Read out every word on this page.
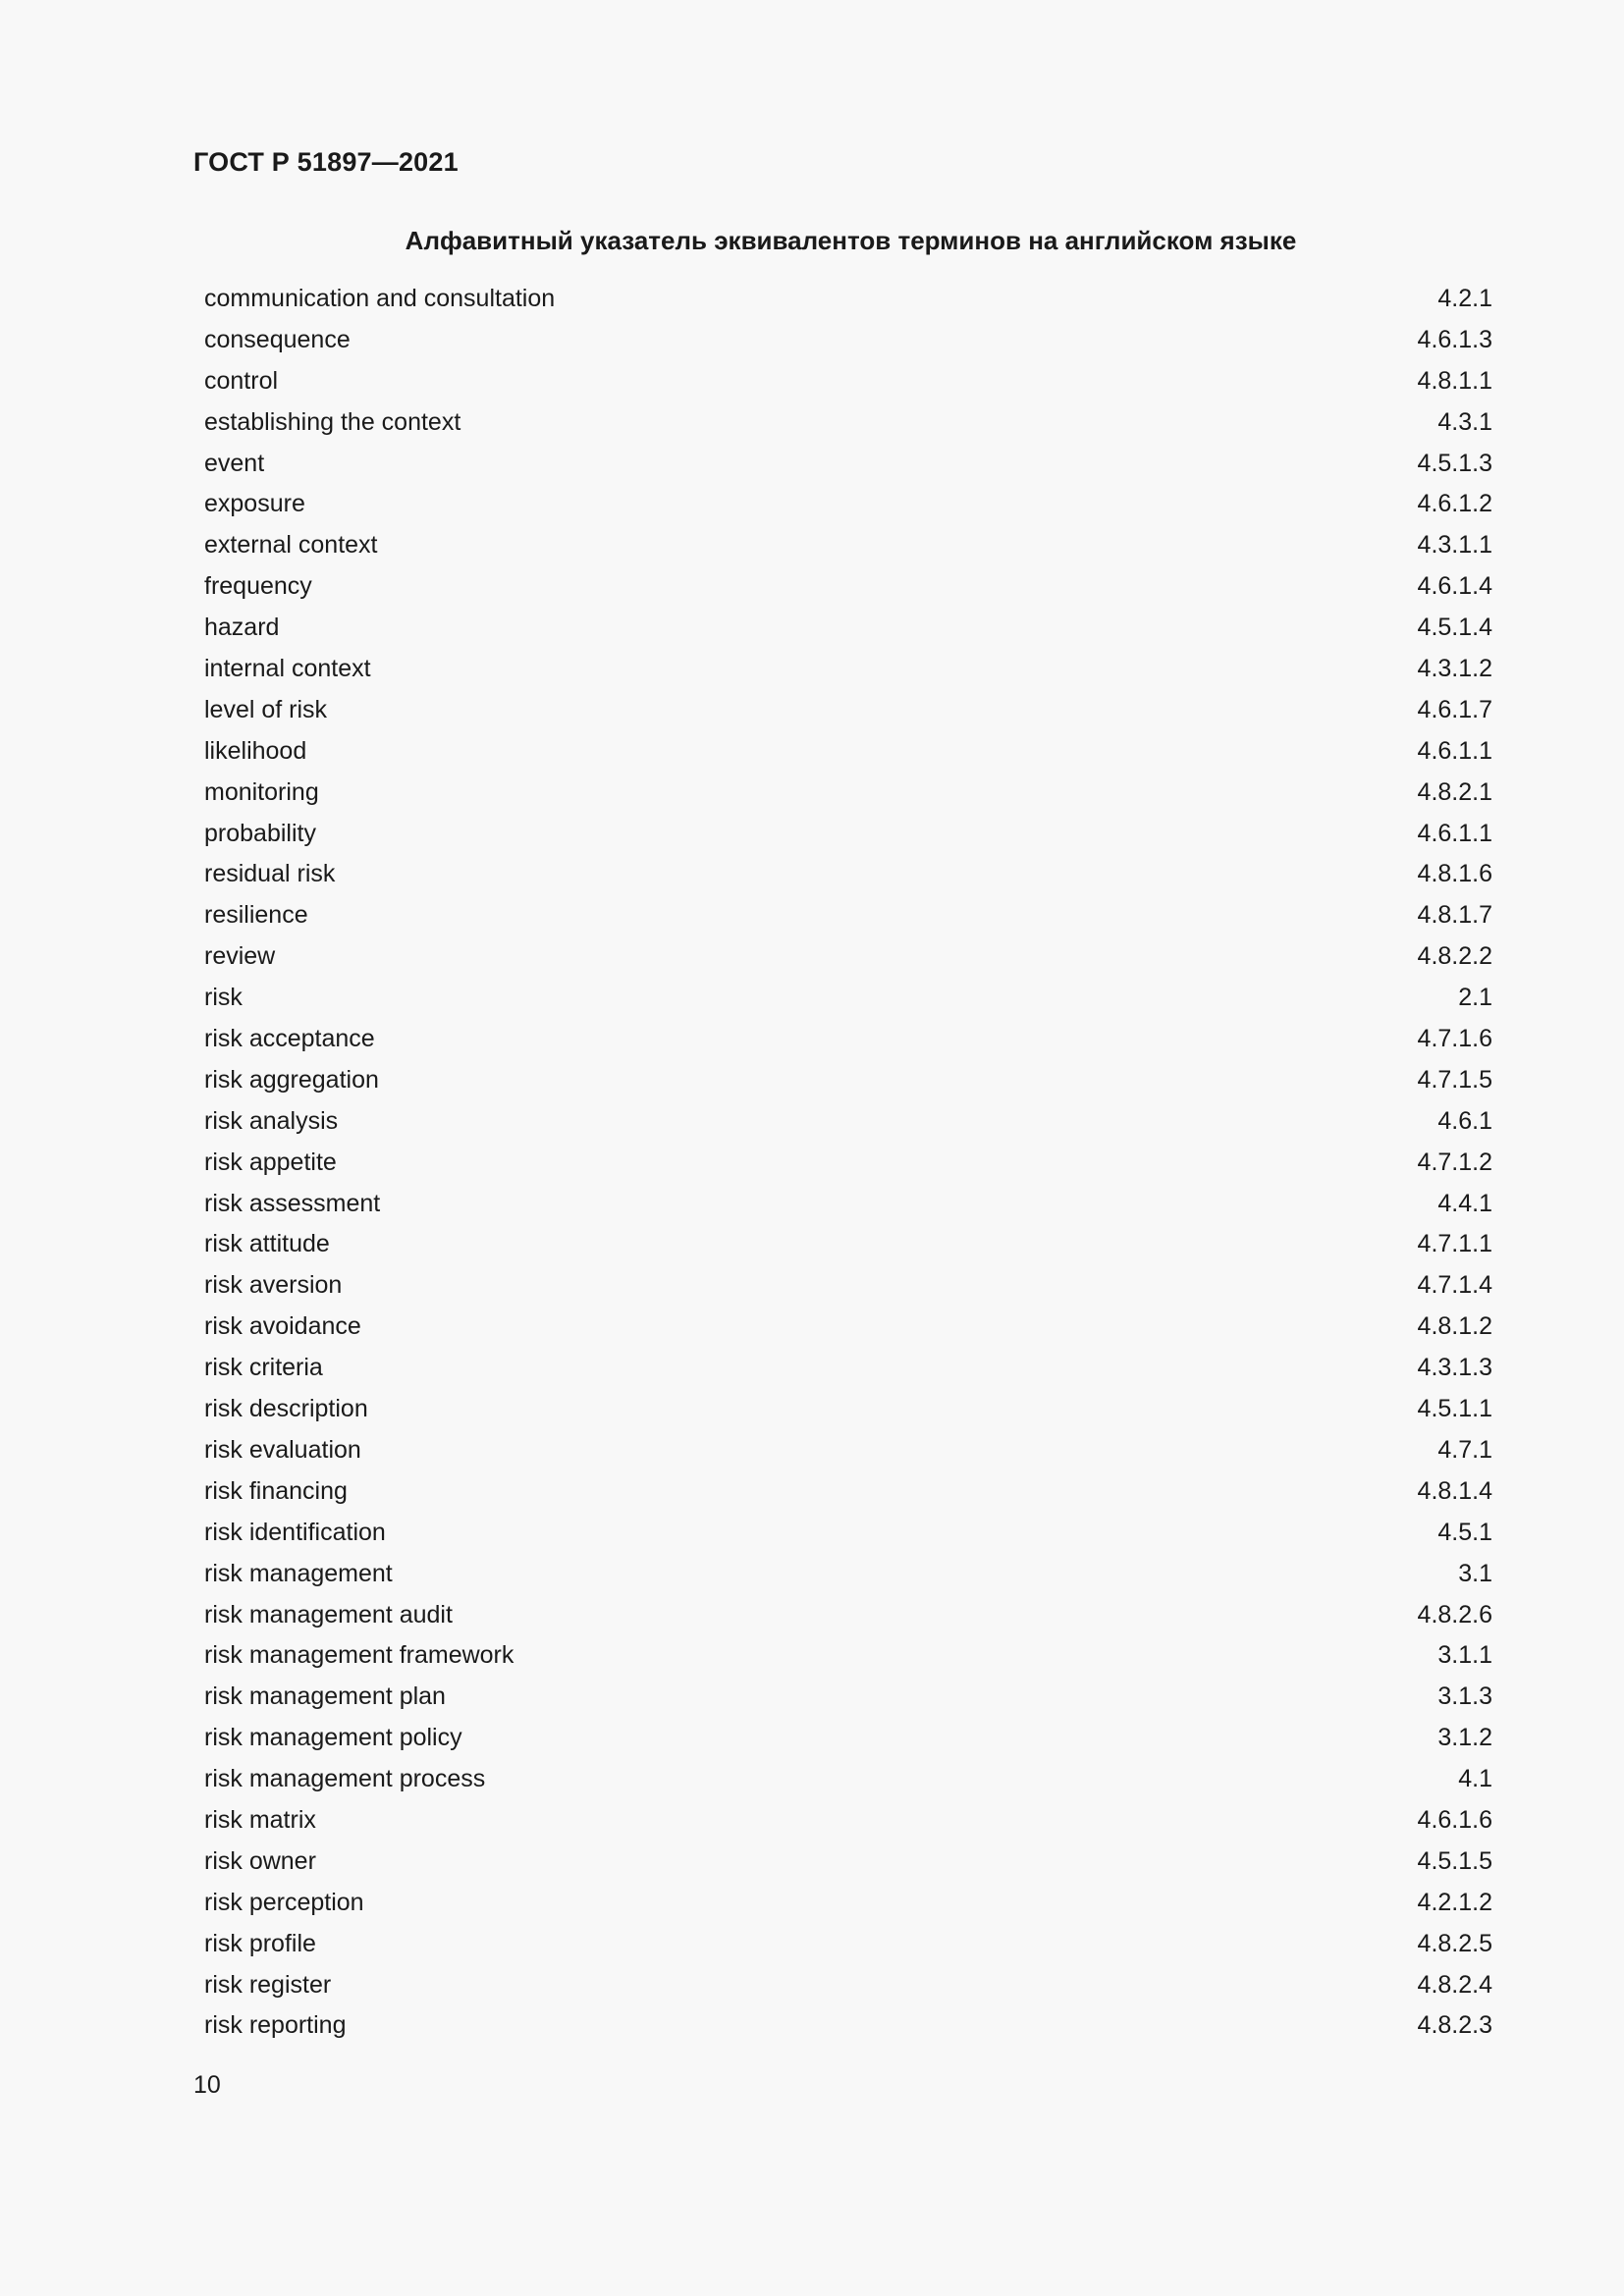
ГОСТ Р 51897—2021
Алфавитный указатель эквивалентов терминов на английском языке
communication and consultation	4.2.1
consequence	4.6.1.3
control	4.8.1.1
establishing the context	4.3.1
event	4.5.1.3
exposure	4.6.1.2
external context	4.3.1.1
frequency	4.6.1.4
hazard	4.5.1.4
internal context	4.3.1.2
level of risk	4.6.1.7
likelihood	4.6.1.1
monitoring	4.8.2.1
probability	4.6.1.1
residual risk	4.8.1.6
resilience	4.8.1.7
review	4.8.2.2
risk	2.1
risk acceptance	4.7.1.6
risk aggregation	4.7.1.5
risk analysis	4.6.1
risk appetite	4.7.1.2
risk assessment	4.4.1
risk attitude	4.7.1.1
risk aversion	4.7.1.4
risk avoidance	4.8.1.2
risk criteria	4.3.1.3
risk description	4.5.1.1
risk evaluation	4.7.1
risk financing	4.8.1.4
risk identification	4.5.1
risk management	3.1
risk management audit	4.8.2.6
risk management framework	3.1.1
risk management plan	3.1.3
risk management policy	3.1.2
risk management process	4.1
risk matrix	4.6.1.6
risk owner	4.5.1.5
risk perception	4.2.1.2
risk profile	4.8.2.5
risk register	4.8.2.4
risk reporting	4.8.2.3
10
